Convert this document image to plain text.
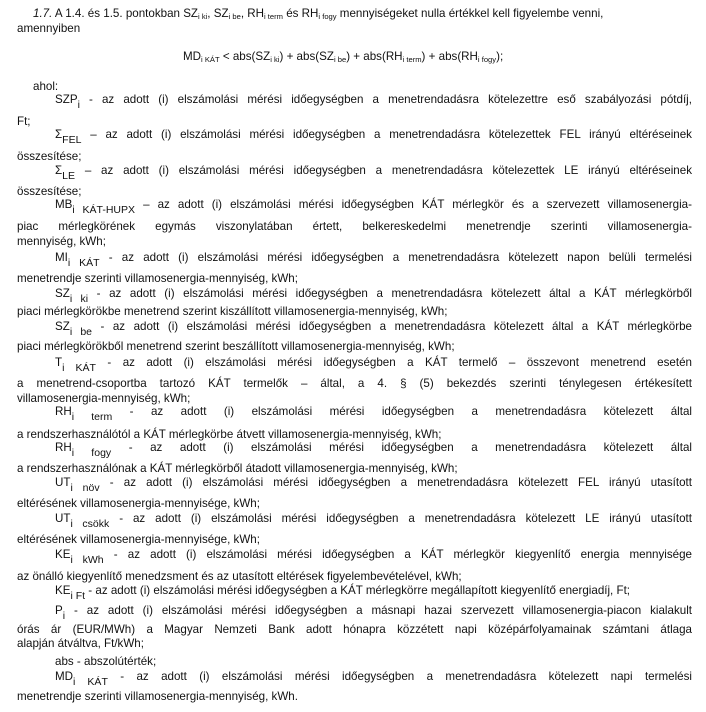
1.7. A 1.4. és 1.5. pontokban SZi ki, SZi be, RHi term és RHi fogy mennyiségeket nulla értékkel kell figyelembe venni,
amennyiben
MDi KÁT < abs(SZi ki) + abs(SZi be) + abs(RHi term) + abs(RHi fogy);
ahol:
$SZP_i$ - az adott (i) elszámolási mérési időegységben a menetrendadásra kötelezettre eső szabályozási pótdíj,
Ft;
$\Sigma_{FEL}$ – az adott (i) elszámolási mérési időegységben a menetrendadásra kötelezettek FEL irányú eltéréseinek
összesítése;
$\Sigma_{LE}$ – az adott (i) elszámolási mérési időegységben a menetrendadásra kötelezettek LE irányú eltéréseinek
összesítése;
$MB_{i KÁT-HUPX}$ – az adott (i) elszámolási mérési időegységben KÁT mérlegkör és a szervezett villamosenergia-
piac mérlegkörének egymás viszonylatában értett, belkereskedelmi menetrendje szerinti villamosenergia-
mennyiség, kWh;
$MI_{i KÁT}$ - az adott (i) elszámolási mérési időegységben a menetrendadásra kötelezett napon belüli termelési
menetrendje szerinti villamosenergia-mennyiség, kWh;
$SZ_{i ki}$ - az adott (i) elszámolási mérési időegységben a menetrendadásra kötelezett által a KÁT mérlegkörből
piaci mérlegkörökbe menetrend szerint kiszállított villamosenergia-mennyiség, kWh;
$SZ_{i be}$ - az adott (i) elszámolási mérési időegységben a menetrendadásra kötelezett által a KÁT mérlegkörbe
piaci mérlegkörökből menetrend szerint beszállított villamosenergia-mennyiség, kWh;
$T_{i KÁT}$ - az adott (i) elszámolási mérési időegységben a KÁT termelő – összevont menetrend esetén
a menetrend-csoportba tartozó KÁT termelők – által, a 4. § (5) bekezdés szerinti ténylegesen értékesített
villamosenergia-mennyiség, kWh;
$RH_{i term}$ - az adott (i) elszámolási mérési időegységben a menetrendadásra kötelezett által
a rendszerhasználótól a KÁT mérlegkörbe átvett villamosenergia-mennyiség, kWh;
$RH_{i fogy}$ - az adott (i) elszámolási mérési időegységben a menetrendadásra kötelezett által
a rendszerhasználónak a KÁT mérlegkörből átadott villamosenergia-mennyiség, kWh;
$UT_{i növ}$ - az adott (i) elszámolási mérési időegységben a menetrendadásra kötelezett FEL irányú utasított
eltérésének villamosenergia-mennyisége, kWh;
$UT_{i csökk}$ - az adott (i) elszámolási mérési időegységben a menetrendadásra kötelezett LE irányú utasított
eltérésének villamosenergia-mennyisége, kWh;
$KE_{i kWh}$ - az adott (i) elszámolási mérési időegységben a KÁT mérlegkör kiegyenlítő energia mennyisége
az önálló kiegyenlítő menedzsment és az utasított eltérések figyelembevételével, kWh;
$KE_{i Ft}$ - az adott (i) elszámolási mérési időegységben a KÁT mérlegkörre megállapított kiegyenlítő energiadíj, Ft;
$P_i$ - az adott (i) elszámolási mérési időegységben a másnapi hazai szervezett villamosenergia-piacon kialakult
órás ár (EUR/MWh) a Magyar Nemzeti Bank adott hónapra közzétett napi középárfolyamainak számtani átlaga
alapján átváltva, Ft/kWh;
abs - abszolútérték;
$MD_{i KÁT}$ - az adott (i) elszámolási mérési időegységben a menetrendadásra kötelezett napi termelési
menetrendje szerinti villamosenergia-mennyiség, kWh.
